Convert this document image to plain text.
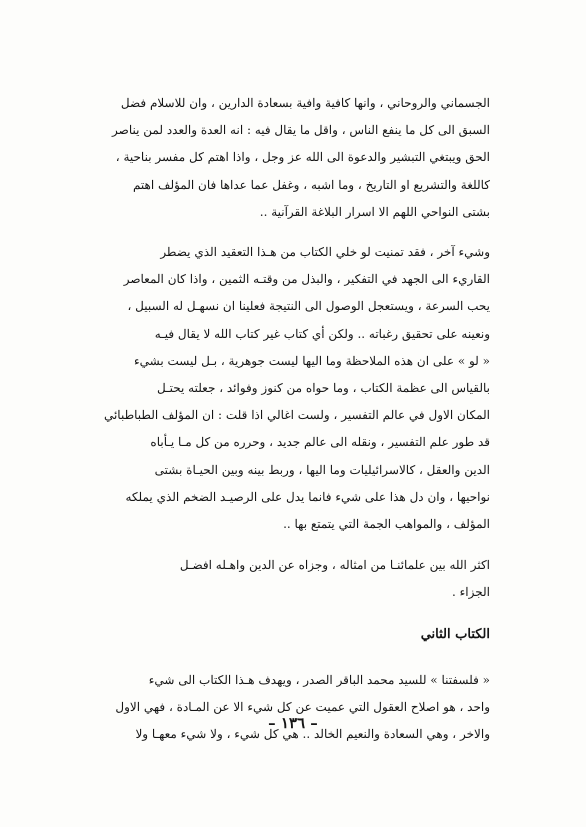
الجسماني والروحاني ، وانها كافية وافية بسعادة الدارين ، وان للاسلام فضل
السبق الى كل ما ينفع الناس ، واقل ما يقال فيه : انه العدة والعدد لمن يناصر
الحق ويبتغي التبشير والدعوة الى الله عز وجل ، واذا اهتم كل مفسر بناحية ،
كاللغة والتشريع او التاريخ ، وما اشبه ، وغفل عما عداها فان المؤلف اهتم
بشتى النواحي اللهم الا اسرار البلاغة القرآنية ..

وشيء آخر ، فقد تمنيت لو خلي الكتاب من هـذا التعقيد الذي يضطر
القاريء الى الجهد في التفكير ، والبذل من وقتـه الثمين ، واذا كان المعاصر
يحب السرعة ، ويستعجل الوصول الى النتيجة فعلينا ان نسهـل له السبيل ،
ونعينه على تحقيق رغباته .. ولكن أي كتاب غير كتاب الله لا يقال فيـه
« لو » على ان هذه الملاحظة وما اليها ليست جوهرية ، بـل ليست بشيء
بالقياس الى عظمة الكتاب ، وما حواه من كنوز وفوائد ، جعلته يحتـل
المكان الاول في عالم التفسير ، ولست اغالي اذا قلت : ان المؤلف الطباطبائي
قد طور علم التفسير ، ونقله الى عالم جديد ، وحرره من كل مـا يـأباه
الدين والعقل ، كالاسرائيليات وما اليها ، وربط بينه وبين الحيـاة بشتى
نواحيها ، وان دل هذا على شيء فانما يدل على الرصيـد الضخم الذي يملكه
المؤلف ، والمواهب الجمة التي يتمتع بها ..

اكثر الله بين علمائنـا من امثاله ، وجزاه عن الدين واهـله افضـل
الجزاء .

الكتاب الثاني

« فلسفتنا » للسيد محمد الباقر الصدر ، ويهدف هـذا الكتاب الى شيء
واحد ، هو اصلاح العقول التي عميت عن كل شيء الا عن المـادة ، فهي الاول
والاخر ، وهي السعادة والنعيم الخالد .. هي كل شيء ، ولا شيء معهـا ولا

– ١٣٦ –
